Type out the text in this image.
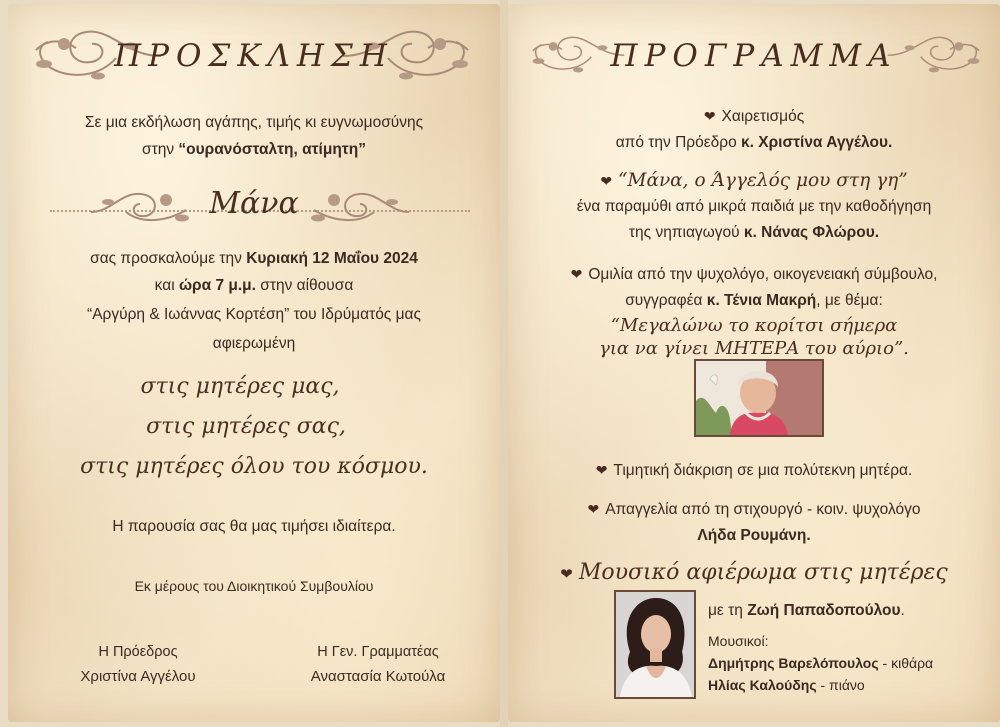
ΠΡΟΣΚΛΗΣΗ
Σε μια εκδήλωση αγάπης, τιμής κι ευγνωμοσύνης
στην “ουρανόσταλτη, ατίμητη”
Μάνα
σας προσκαλούμε την Κυριακή 12 Μαΐου 2024
και ώρα 7 μ.μ. στην αίθουσα
“Αργύρη & Ιωάννας Κορτέση” του Ιδρύματός μας
αφιερωμένη
στις μητέρες μας,
στις μητέρες σας,
στις μητέρες όλου του κόσμου.
Η παρουσία σας θα μας τιμήσει ιδιαίτερα.
Εκ μέρους του Διοικητικού Συμβουλίου
Η Πρόεδρος
Χριστίνα Αγγέλου
Η Γεν. Γραμματέας
Αναστασία Κωτούλα
ΠΡΟΓΡΑΜΜΑ
❤ Χαιρετισμός
από την Πρόεδρο κ. Χριστίνα Αγγέλου.
❤ “Μάνα, ο Άγγελός μου στη γη”
ένα παραμύθι από μικρά παιδιά με την καθοδήγηση
της νηπιαγωγού κ. Νάνας Φλώρου.
❤ Ομιλία από την ψυχολόγο, οικογενειακή σύμβουλο,
συγγραφέα κ. Τένια Μακρή, με θέμα:
“Μεγαλώνω το κορίτσι σήμερα
για να γίνει ΜΗΤΕΡΑ του αύριο”.
❤ Τιμητική διάκριση σε μια πολύτεκνη μητέρα.
❤ Απαγγελία από τη στιχουργό - κοιν. ψυχολόγο
Λήδα Ρουμάνη.
❤ Μουσικό αφιέρωμα στις μητέρες
με τη Ζωή Παπαδοπούλου.
Μουσικοί:
Δημήτρης Βαρελόπουλος - κιθάρα
Ηλίας Καλούδης - πιάνο
